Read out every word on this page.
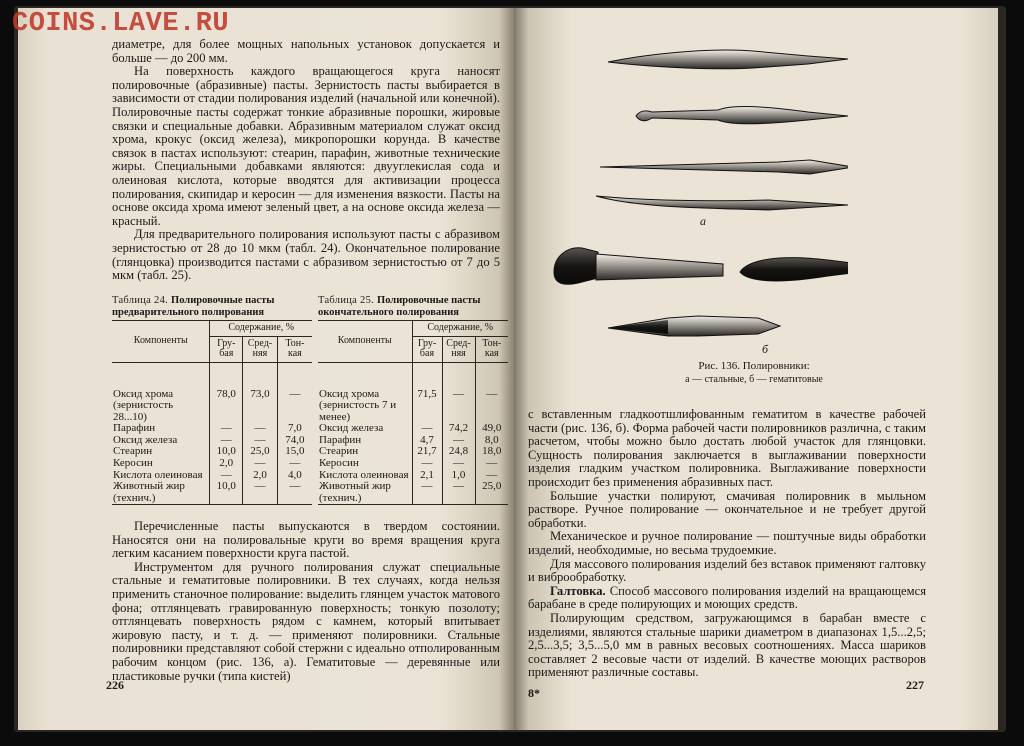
COINS.LAVE.RU

диаметре, для более мощных напольных установок допускается и больше — до 200 мм.

На поверхность каждого вращающегося круга наносят полировочные (абразивные) пасты. Зернистость пасты выбирается в зависимости от стадии полирования изделий (начальной или конечной). Полировочные пасты содержат тонкие абразивные порошки, жировые связки и специальные добавки. Абразивным материалом служат оксид хрома, крокус (оксид железа), микропорошки корунда. В качестве связок в пастах используют: стеарин, парафин, животные технические жиры. Специальными добавками являются: двууглекислая сода и олеиновая кислота, которые вводятся для активизации процесса полирования, скипидар и керосин — для изменения вязкости. Пасты на основе оксида хрома имеют зеленый цвет, а на основе оксида железа — красный.

Для предварительного полирования используют пасты с абразивом зернистостью от 28 до 10 мкм (табл. 24). Окончательное полирование (глянцовка) производится пастами с абразивом зернистостью от 7 до 5 мкм (табл. 25).

Таблица 24. Полировочные пасты предварительного полирования
Компоненты	Содержание, %		
	Гру-бая	Сред-няя	Тон-кая
Оксид хрома (зернистость 28...10)	78,0	73,0	—
Парафин	—	—	7,0
Оксид железа	—	—	74,0
Стеарин	10,0	25,0	15,0
Керосин	2,0	—	—
Кислота олеиновая	—	2,0	4,0
Животный жир (технич.)	10,0	—	—
Таблица 25. Полировочные пасты окончательного полирования
Компоненты	Содержание, %		
	Гру-бая	Сред-няя	Тон-кая
Оксид хрома (зернистость 7 и менее)	71,5	—	—
Оксид железа	—	74,2	49,0
Парафин	4,7	—	8,0
Стеарин	21,7	24,8	18,0
Керосин	—	—	—
Кислота олеиновая	2,1	1,0	—
Животный жир (технич.)	—	—	25,0

Перечисленные пасты выпускаются в твердом состоянии. Наносятся они на полировальные круги во время вращения круга легким касанием поверхности круга пастой.

Инструментом для ручного полирования служат специальные стальные и гематитовые полировники. В тех случаях, когда нельзя применить станочное полирование: выделить глянцем участок матового фона; отглянцевать гравированную поверхность; тонкую позолоту; отглянцевать поверхность рядом с камнем, который впитывает жировую пасту, и т. д. — применяют полировники. Стальные полировники представляют собой стержни с идеально отполированным рабочим концом (рис. 136, а). Гематитовые — деревянные или пластиковые ручки (типа кистей)

226
а
б
Рис. 136. Полировники:
а — стальные, б — гематитовые

с вставленным гладкоотшлифованным гематитом в качестве рабочей части (рис. 136, б). Форма рабочей части полировников различна, с таким расчетом, чтобы можно было достать любой участок для глянцовки. Сущность полирования заключается в выглаживании поверхности изделия гладким участком полировника. Выглаживание поверхности происходит без применения абразивных паст.

Большие участки полируют, смачивая полировник в мыльном растворе. Ручное полирование — окончательное и не требует другой обработки.

Механическое и ручное полирование — поштучные виды обработки изделий, необходимые, но весьма трудоемкие.

Для массового полирования изделий без вставок применяют галтовку и виброобработку.

Галтовка. Способ массового полирования изделий на вращающемся барабане в среде полирующих и моющих средств.

Полирующим средством, загружающимся в барабан вместе с изделиями, являются стальные шарики диаметром в диапазонах 1,5...2,5; 2,5...3,5; 3,5...5,0 мм в равных весовых соотношениях. Масса шариков составляет 2 весовые части от изделий. В качестве моющих растворов применяют различные составы.

8*
227
